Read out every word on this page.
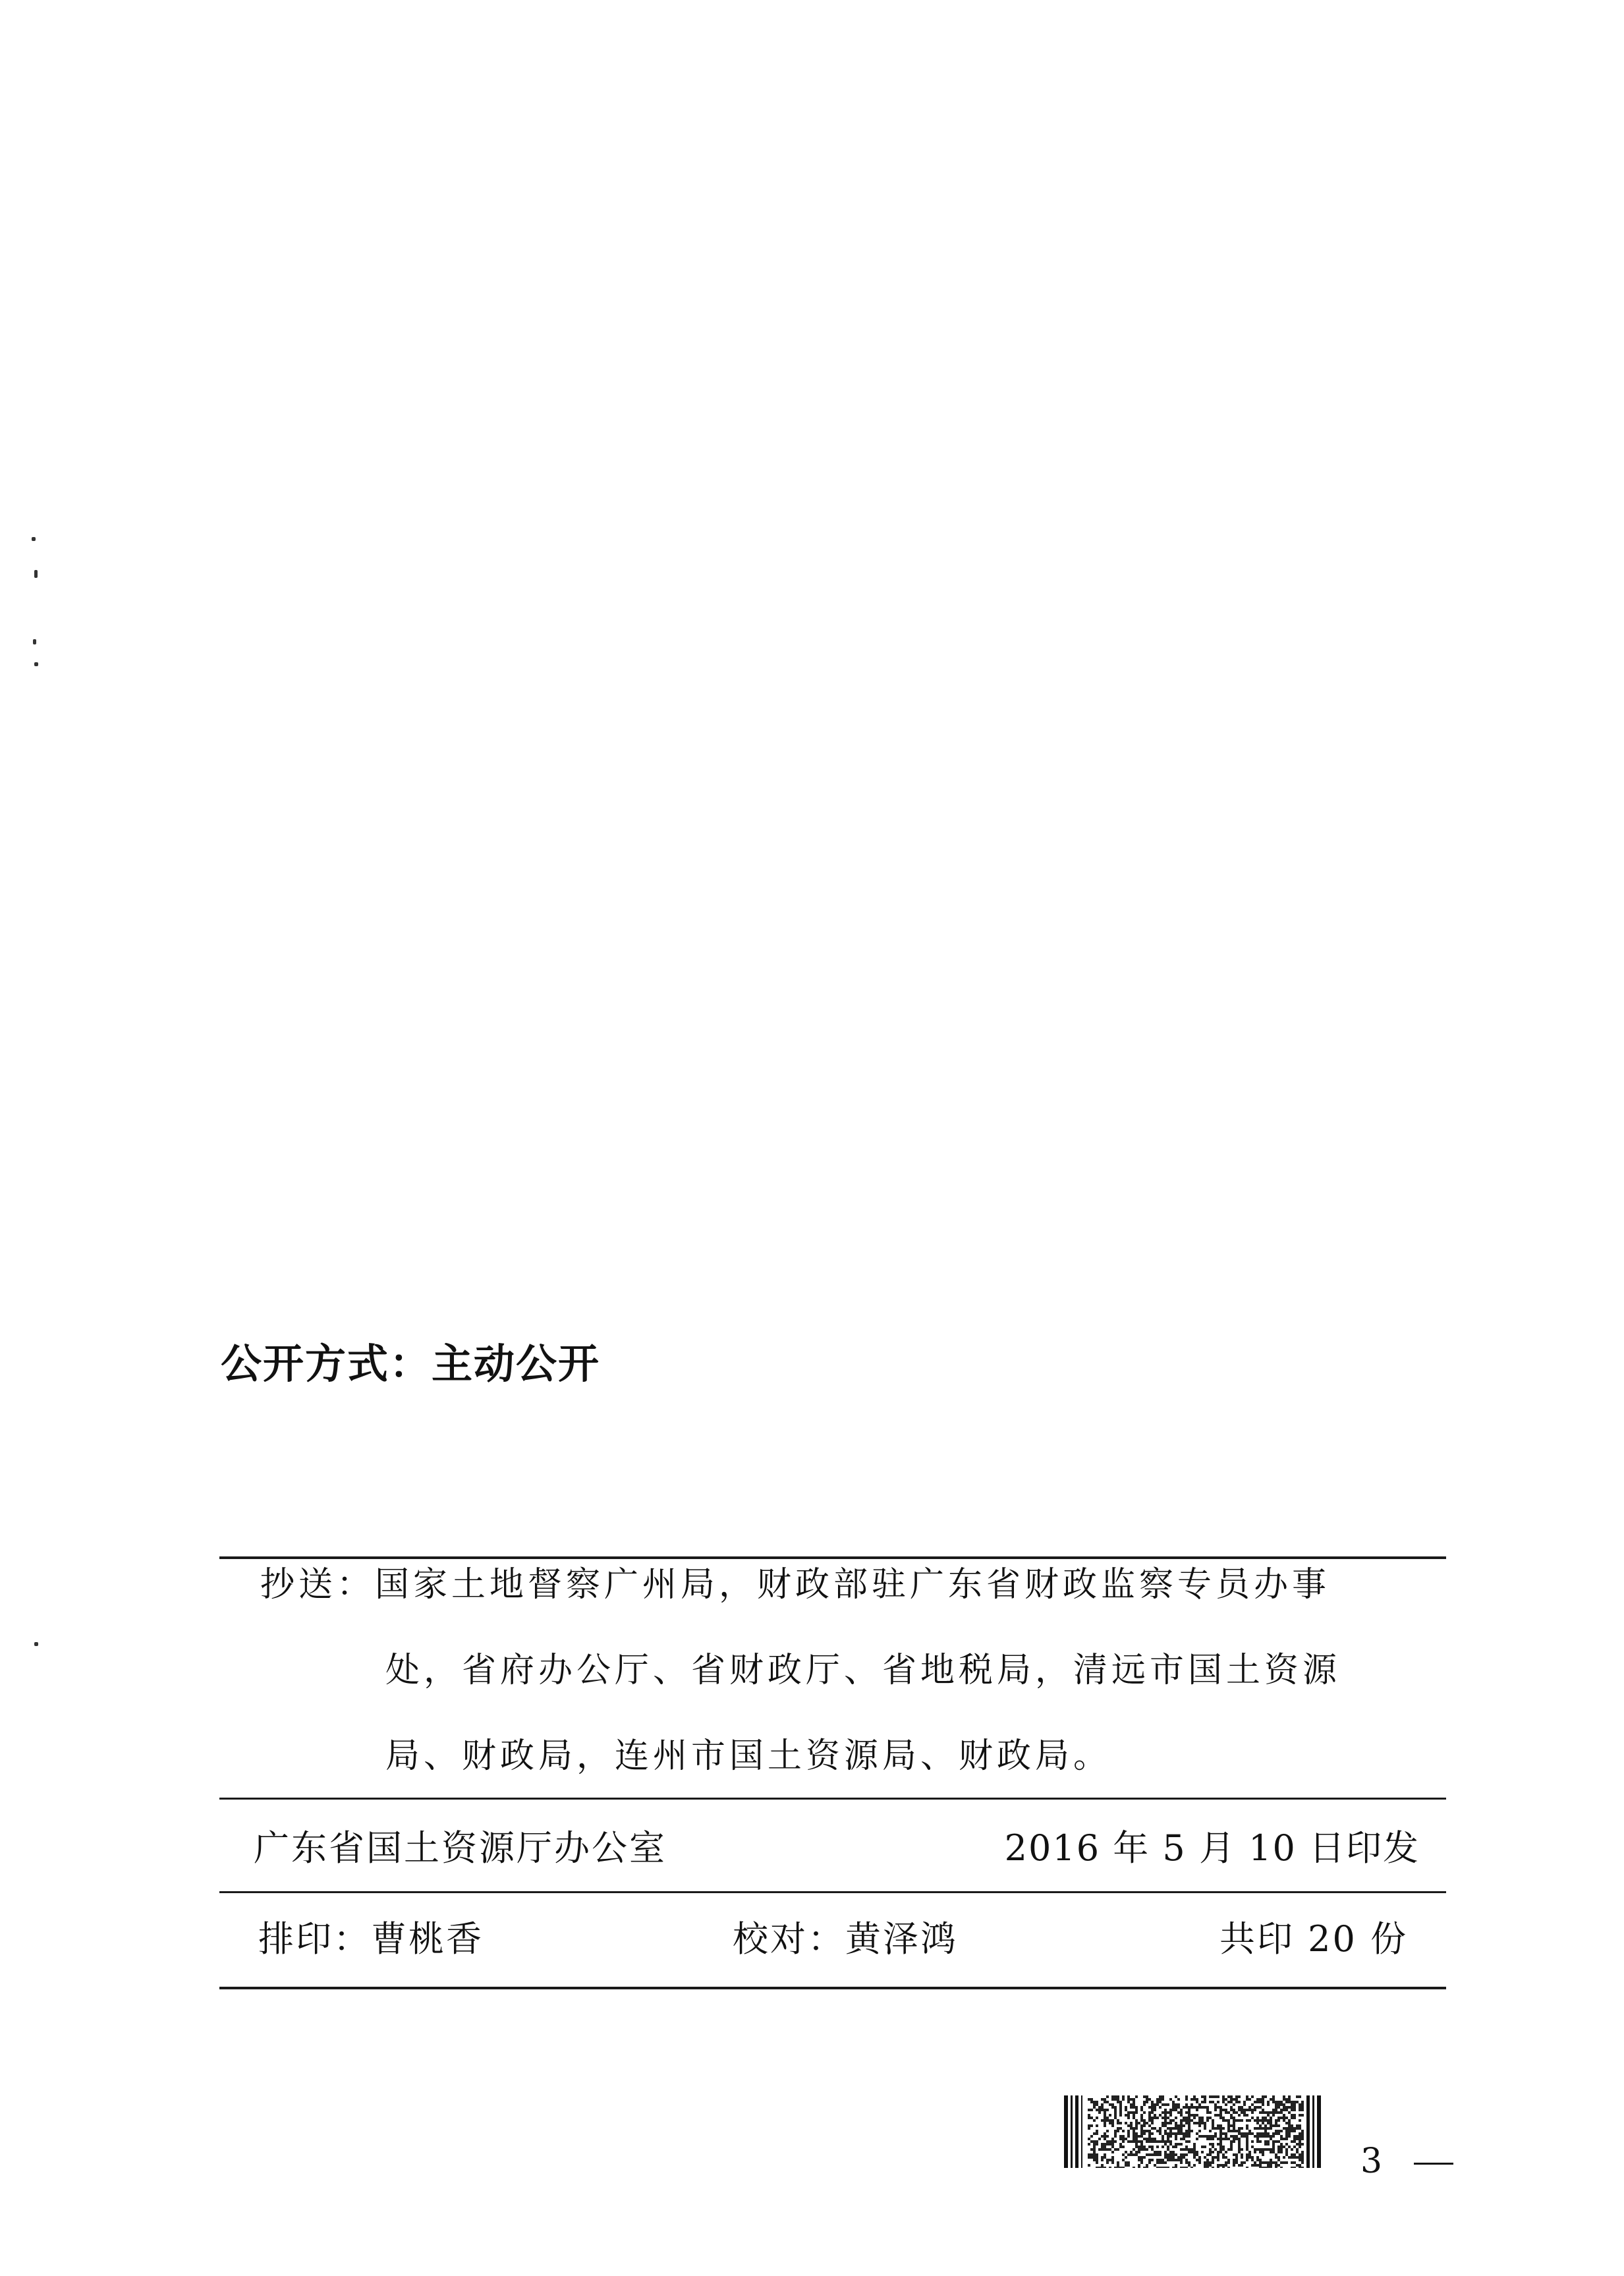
公开方式：主动公开
抄送：国家土地督察广州局，财政部驻广东省财政监察专员办事
处，省府办公厅、省财政厅、省地税局，清远市国土资源
局、财政局，连州市国土资源局、财政局。
广东省国土资源厅办公室	2016 年 5 月 10 日印发
排印：曹桃香	校对：黄泽鸿	共印 20 份
3
